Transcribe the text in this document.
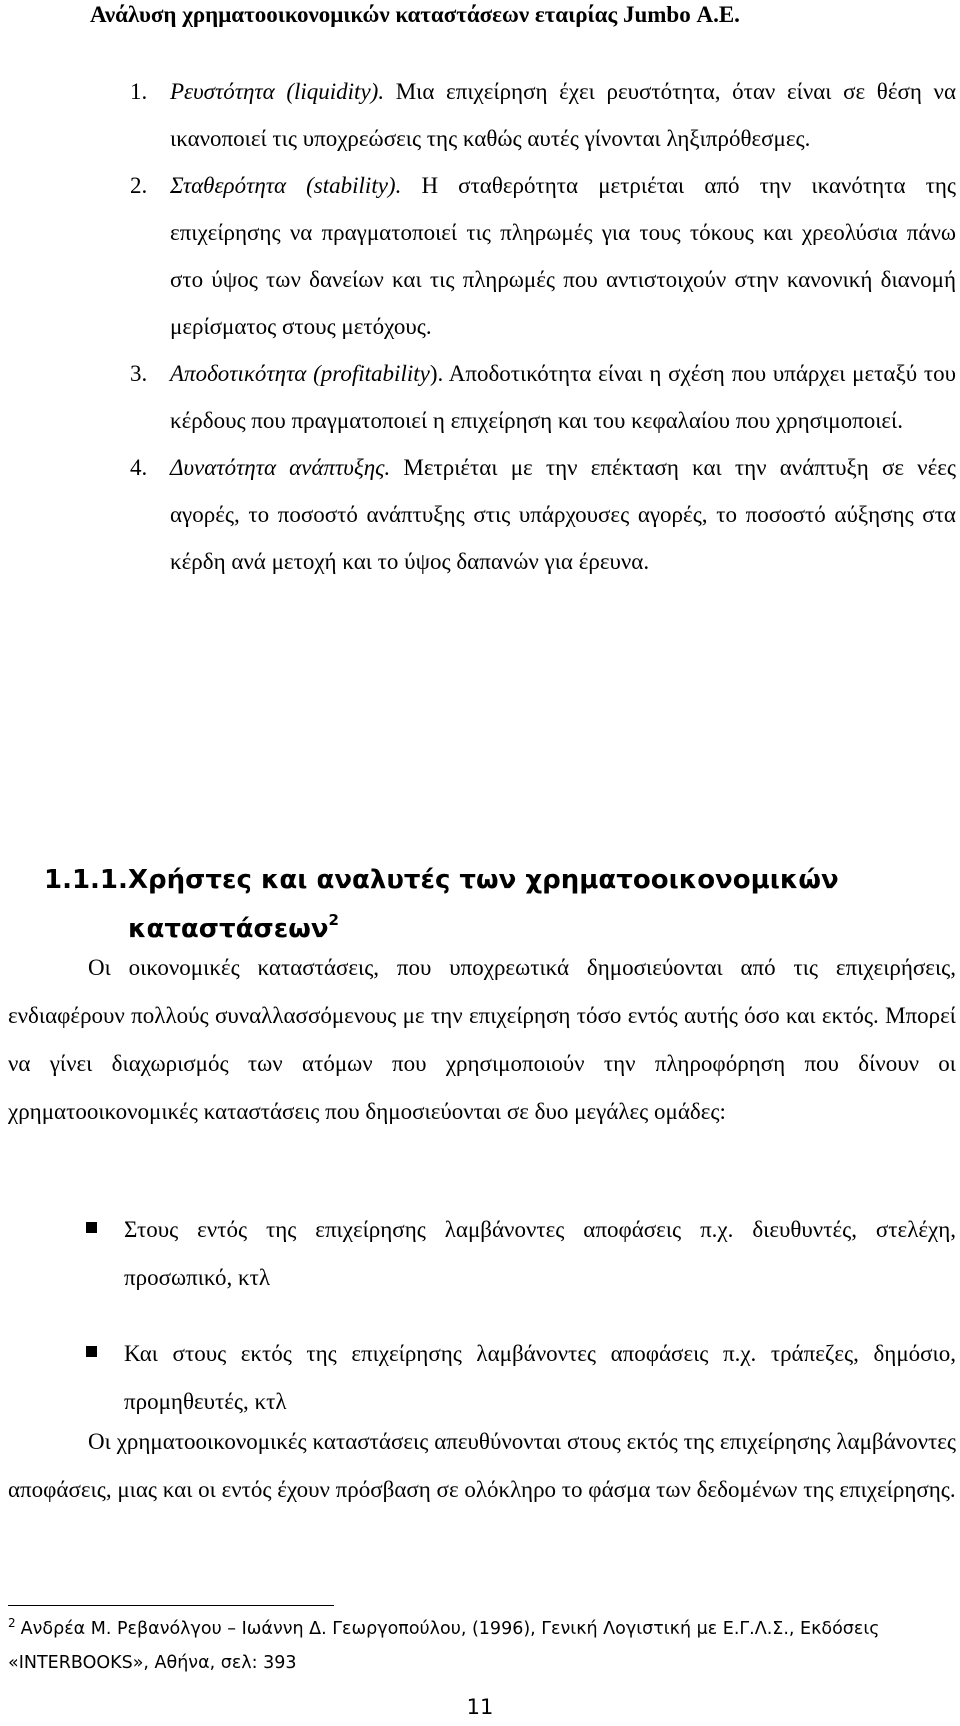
Ανάλυση χρηματοοικονομικών καταστάσεων εταιρίας Jumbo Α.Ε.
1. Ρευστότητα (liquidity). Μια επιχείρηση έχει ρευστότητα, όταν είναι σε θέση να ικανοποιεί τις υποχρεώσεις της καθώς αυτές γίνονται ληξιπρόθεσμες.
2. Σταθερότητα (stability). Η σταθερότητα μετριέται από την ικανότητα της επιχείρησης να πραγματοποιεί τις πληρωμές για τους τόκους και χρεολύσια πάνω στο ύψος των δανείων και τις πληρωμές που αντιστοιχούν στην κανονική διανομή μερίσματος στους μετόχους.
3. Αποδοτικότητα (profitability). Αποδοτικότητα είναι η σχέση που υπάρχει μεταξύ του κέρδους που πραγματοποιεί η επιχείρηση και του κεφαλαίου που χρησιμοποιεί.
4. Δυνατότητα ανάπτυξης. Μετριέται με την επέκταση και την ανάπτυξη σε νέες αγορές, το ποσοστό ανάπτυξης στις υπάρχουσες αγορές, το ποσοστό αύξησης στα κέρδη ανά μετοχή και το ύψος δαπανών για έρευνα.
1.1.1.Χρήστες και αναλυτές των χρηματοοικονομικών
καταστάσεων$^2$
Οι οικονομικές καταστάσεις, που υποχρεωτικά δημοσιεύονται από τις επιχειρήσεις, ενδιαφέρουν πολλούς συναλλασσόμενους με την επιχείρηση τόσο εντός αυτής όσο και εκτός. Μπορεί να γίνει διαχωρισμός των ατόμων που χρησιμοποιούν την πληροφόρηση που δίνουν οι χρηματοοικονομικές καταστάσεις που δημοσιεύονται σε δυο μεγάλες ομάδες:
Στους εντός της επιχείρησης λαμβάνοντες αποφάσεις π.χ. διευθυντές, στελέχη, προσωπικό, κτλ
Και στους εκτός της επιχείρησης λαμβάνοντες αποφάσεις π.χ. τράπεζες, δημόσιο, προμηθευτές, κτλ
Οι χρηματοοικονομικές καταστάσεις απευθύνονται στους εκτός της επιχείρησης λαμβάνοντες αποφάσεις, μιας και οι εντός έχουν πρόσβαση σε ολόκληρο το φάσμα των δεδομένων της επιχείρησης.
$^2$ Ανδρέα Μ. Ρεβανόλγου – Ιωάννη Δ. Γεωργοπούλου, (1996), Γενική Λογιστική με Ε.Γ.Λ.Σ., Εκδόσεις «INTERBOOKS», Αθήνα, σελ: 393
11
